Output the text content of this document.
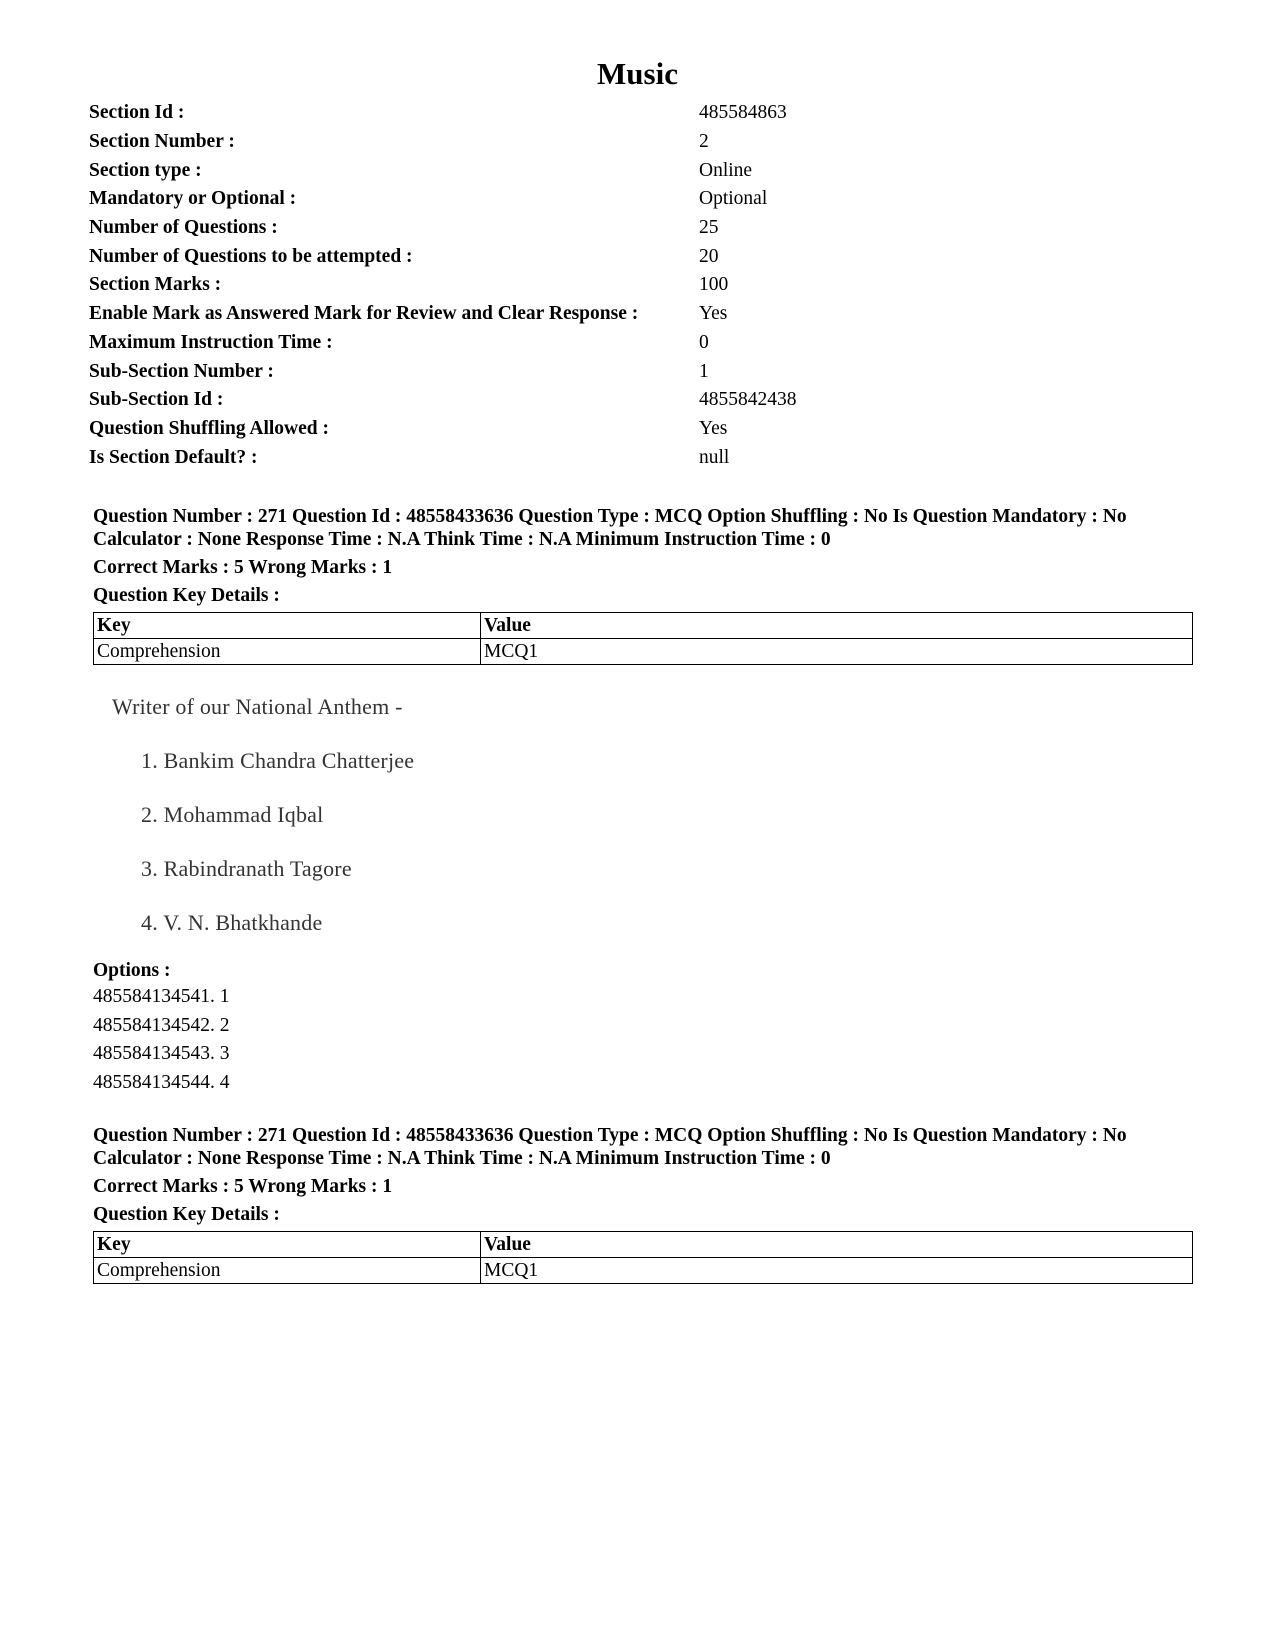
Music
Section Id :	485584863
Section Number :	2
Section type :	Online
Mandatory or Optional :	Optional
Number of Questions :	25
Number of Questions to be attempted :	20
Section Marks :	100
Enable Mark as Answered Mark for Review and Clear Response :	Yes
Maximum Instruction Time :	0
Sub-Section Number :	1
Sub-Section Id :	4855842438
Question Shuffling Allowed :	Yes
Is Section Default? :	null
Question Number : 271 Question Id : 48558433636 Question Type : MCQ Option Shuffling : No Is Question Mandatory : No Calculator : None Response Time : N.A Think Time : N.A Minimum Instruction Time : 0
Correct Marks : 5 Wrong Marks : 1
Question Key Details :
Key	Value
Comprehension	MCQ1
Writer of our National Anthem -
1. Bankim Chandra Chatterjee
2. Mohammad Iqbal
3. Rabindranath Tagore
4. V. N. Bhatkhande
Options :
485584134541. 1
485584134542. 2
485584134543. 3
485584134544. 4
Question Number : 271 Question Id : 48558433636 Question Type : MCQ Option Shuffling : No Is Question Mandatory : No Calculator : None Response Time : N.A Think Time : N.A Minimum Instruction Time : 0
Correct Marks : 5 Wrong Marks : 1
Question Key Details :
Key	Value
Comprehension	MCQ1
